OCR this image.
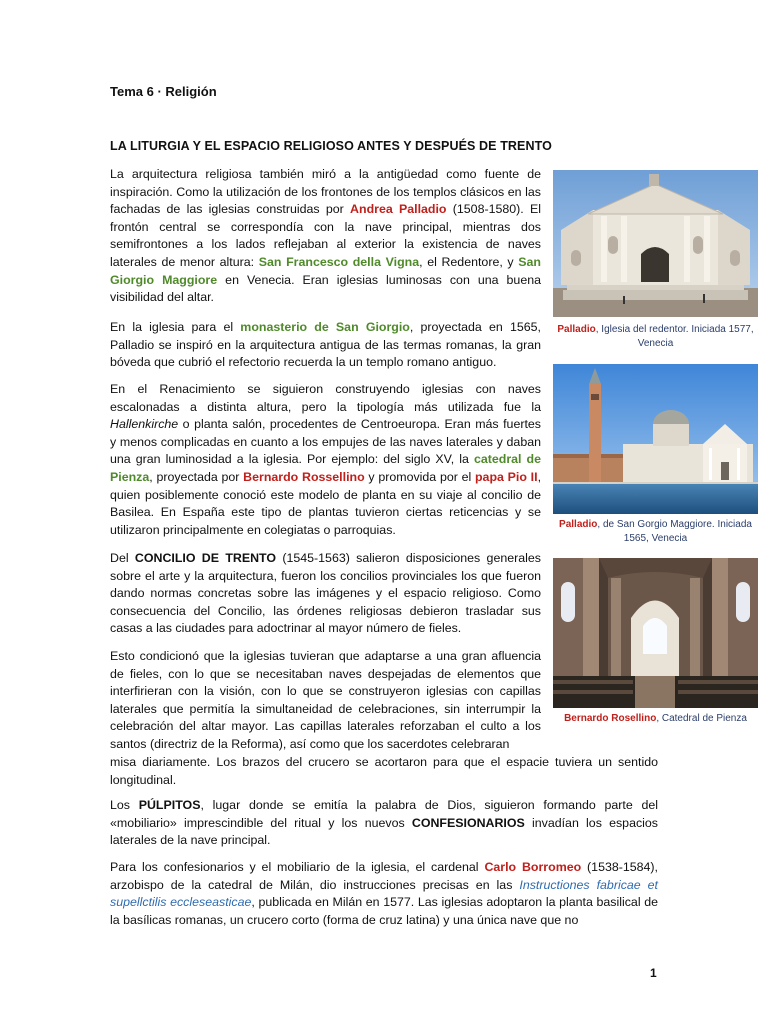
Tema 6 · Religión
LA LITURGIA Y EL ESPACIO RELIGIOSO ANTES Y DESPUÉS DE TRENTO

La arquitectura religiosa también miró a la antigüedad como fuente de inspiración. Como la utilización de los frontones de los templos clásicos en las fachadas de las iglesias construidas por Andrea Palladio (1508-1580). El frontón central se correspondía con la nave principal, mientras dos semifrontones a los lados reflejaban al exterior la existencia de naves laterales de menor altura: San Francesco della Vigna, el Redentore, y San Giorgio Maggiore en Venecia. Eran iglesias luminosas con una buena visibilidad del altar.

En la iglesia para el monasterio de San Giorgio, proyectada en 1565, Palladio se inspiró en la arquitectura antigua de las termas romanas, la gran bóveda que cubrió el refectorio recuerda la un templo romano antiguo.

En el Renacimiento se siguieron construyendo iglesias con naves escalonadas a distinta altura, pero la tipología más utilizada fue la Hallenkirche o planta salón, procedentes de Centroeuropa. Eran más fuertes y menos complicadas en cuanto a los empujes de las naves laterales y daban una gran luminosidad a la iglesia. Por ejemplo: del siglo XV, la catedral de Pienza, proyectada por Bernardo Rossellino y promovida por el papa Pio II, quien posiblemente conoció este modelo de planta en su viaje al concilio de Basilea. En España este tipo de plantas tuvieron ciertas reticencias y se utilizaron principalmente en colegiatas o parroquias.

Del CONCILIO DE TRENTO (1545-1563) salieron disposiciones generales sobre el arte y la arquitectura, fueron los concilios provinciales los que fueron dando normas concretas sobre las imágenes y el espacio religioso. Como consecuencia del Concilio, las órdenes religiosas debieron trasladar sus casas a las ciudades para adoctrinar al mayor número de fieles.

Esto condicionó que la iglesias tuvieran que adaptarse a una gran afluencia de fieles, con lo que se necesitaban naves despejadas de elementos que interfirieran con la visión, con lo que se construyeron iglesias con capillas laterales que permitía la simultaneidad de celebraciones, sin interrumpir la celebración del altar mayor. Las capillas laterales reforzaban el culto a los santos (directriz de la Reforma), así como que los sacerdotes celebraran

misa diariamente. Los brazos del crucero se acortaron para que el espacie tuviera un sentido longitudinal.

Los PÚLPITOS, lugar donde se emitía la palabra de Dios, siguieron formando parte del «mobiliario» imprescindible del ritual y los nuevos CONFESIONARIOS invadían los espacios laterales de la nave principal.

Para los confesionarios y el mobiliario de la iglesia, el cardenal Carlo Borromeo (1538-1584), arzobispo de la catedral de Milán, dio instrucciones precisas en las Instructiones fabricae et supellctilis eccleseasticae, publicada en Milán en 1577. Las iglesias adoptaron la planta basilical de la basílicas romanas, un crucero corto (forma de cruz latina) y una única nave que no

Palladio, Iglesia del redentor. Iniciada 1577, Venecia
Palladio, de San Gorgio Maggiore. Iniciada 1565, Venecia
Bernardo Rosellino, Catedral de Pienza
1
